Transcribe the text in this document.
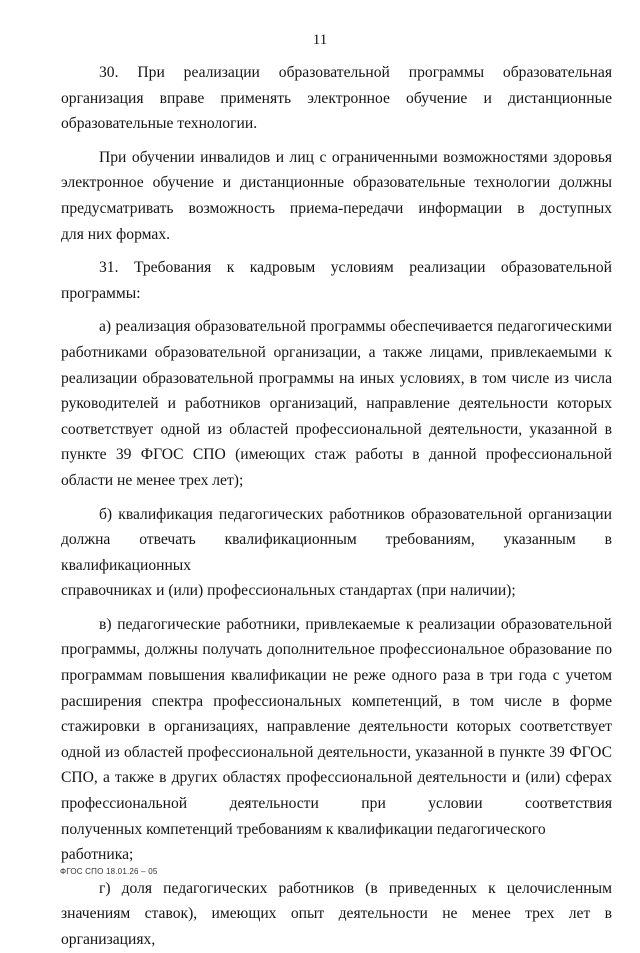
11

30. При реализации образовательной программы образовательная организация вправе применять электронное обучение и дистанционные
образовательные технологии.

При обучении инвалидов и лиц с ограниченными возможностями здоровья электронное обучение и дистанционные образовательные технологии должны предусматривать возможность приема-передачи информации в доступных
для них формах.

31. Требования к кадровым условиям реализации образовательной
программы:

а) реализация образовательной программы обеспечивается педагогическими работниками образовательной организации, а также лицами, привлекаемыми к реализации образовательной программы на иных условиях, в том числе из числа руководителей и работников организаций, направление деятельности которых соответствует одной из областей профессиональной деятельности, указанной в пункте 39 ФГОС СПО (имеющих стаж работы в данной профессиональной
области не менее трех лет);

б) квалификация педагогических работников образовательной организации должна отвечать квалификационным требованиям, указанным в квалификационных
справочниках и (или) профессиональных стандартах (при наличии);

в) педагогические работники, привлекаемые к реализации образовательной программы, должны получать дополнительное профессиональное образование по программам повышения квалификации не реже одного раза в три года с учетом расширения спектра профессиональных компетенций, в том числе в форме стажировки в организациях, направление деятельности которых соответствует одной из областей профессиональной деятельности, указанной в пункте 39 ФГОС СПО, а также в других областях профессиональной деятельности и (или) сферах профессиональной деятельности при условии соответствия
полученных компетенций требованиям к квалификации педагогического работника;

г) доля педагогических работников (в приведенных к целочисленным значениям ставок), имеющих опыт деятельности не менее трех лет в организациях,

ФГОС СПО 18.01.26 – 05
